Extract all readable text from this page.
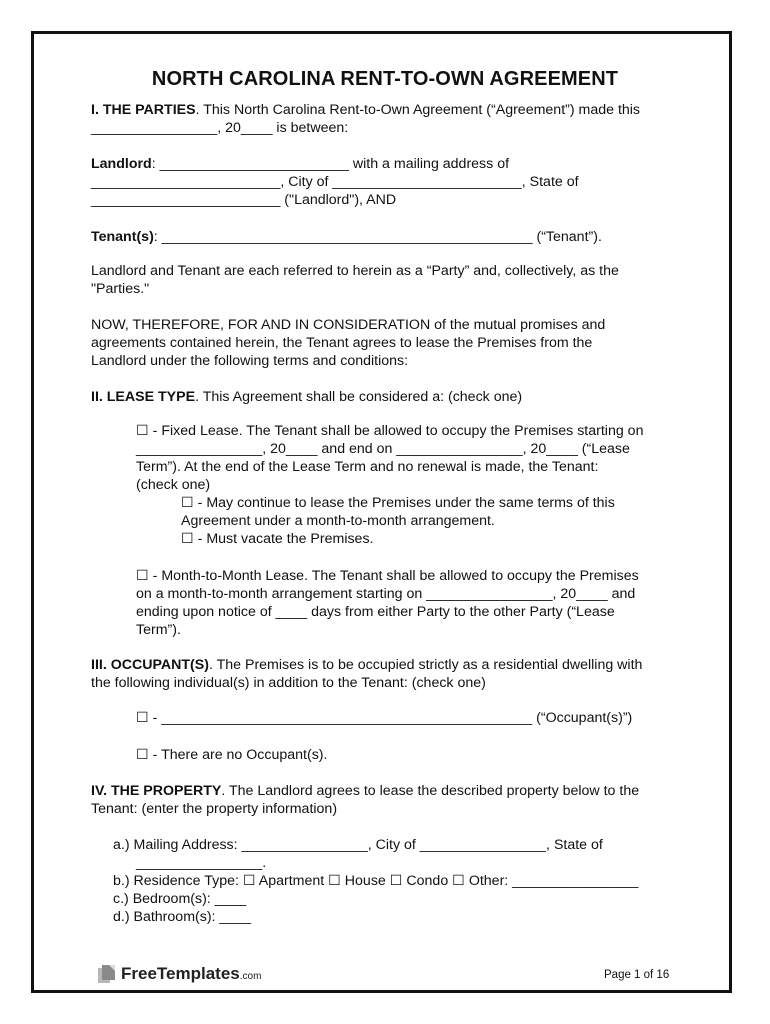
NORTH CAROLINA RENT-TO-OWN AGREEMENT
I. THE PARTIES. This North Carolina Rent-to-Own Agreement (“Agreement”) made this
________________, 20____ is between:
Landlord: ________________________ with a mailing address of
________________________, City of ________________________, State of
________________________ ("Landlord"), AND
Tenant(s): _______________________________________________ (“Tenant”).
Landlord and Tenant are each referred to herein as a “Party” and, collectively, as the
"Parties."
NOW, THEREFORE, FOR AND IN CONSIDERATION of the mutual promises and
agreements contained herein, the Tenant agrees to lease the Premises from the
Landlord under the following terms and conditions:
II. LEASE TYPE. This Agreement shall be considered a: (check one)
☐ - Fixed Lease. The Tenant shall be allowed to occupy the Premises starting on
________________, 20____ and end on ________________, 20____ (“Lease
Term”). At the end of the Lease Term and no renewal is made, the Tenant:
(check one)
☐ - May continue to lease the Premises under the same terms of this
Agreement under a month-to-month arrangement.
☐ - Must vacate the Premises.
☐ - Month-to-Month Lease. The Tenant shall be allowed to occupy the Premises
on a month-to-month arrangement starting on ________________, 20____ and
ending upon notice of ____ days from either Party to the other Party (“Lease
Term”).
III. OCCUPANT(S). The Premises is to be occupied strictly as a residential dwelling with
the following individual(s) in addition to the Tenant: (check one)
☐ - _______________________________________________ (“Occupant(s)”)
☐ - There are no Occupant(s).
IV. THE PROPERTY. The Landlord agrees to lease the described property below to the
Tenant: (enter the property information)
a.) Mailing Address: ________________, City of ________________, State of
________________.
b.) Residence Type: ☐ Apartment ☐ House ☐ Condo ☐ Other: ________________
c.) Bedroom(s): ____
d.) Bathroom(s): ____
FreeTemplates.com	Page 1 of 16
